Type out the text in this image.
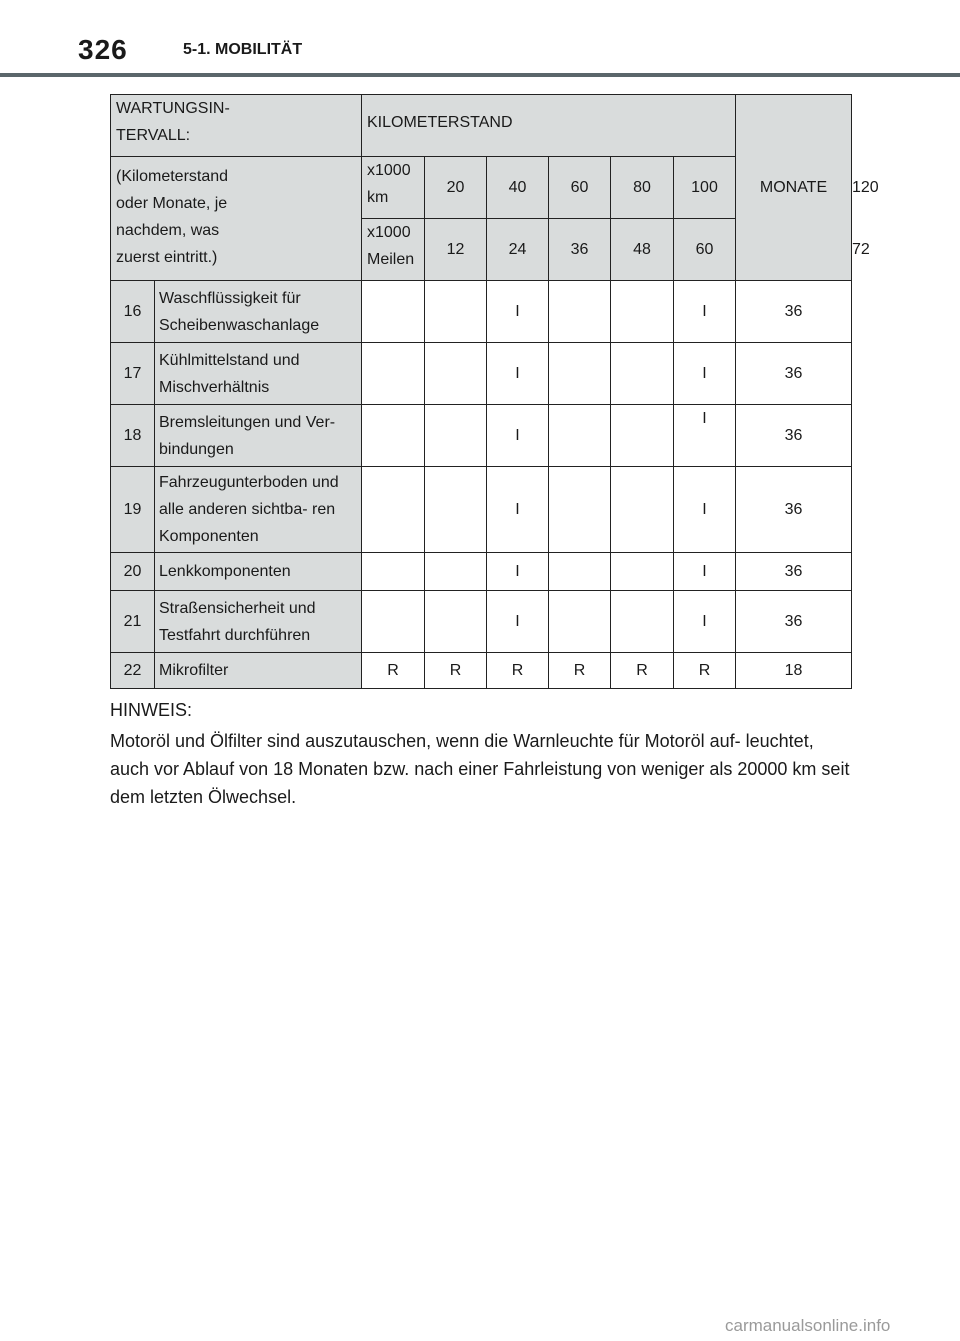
326	5-1. MOBILITÄT
WARTUNGSIN- TERVALL:		KILOMETERSTAND						MONATE	

(Kilometerstand oder Monate, je nachdem, was zuerst eintritt.)		x1000 km	20	40	60	80	100		120

		x1000 Meilen	12	24	36	48	60		72
16	Waschflüssigkeit für Scheibenwaschanlage			I			I	36	
17	Kühlmittelstand und Mischverhältnis			I			I	36	
18	Bremsleitungen und Ver- bindungen			I			I	36	
19	Fahrzeugunterboden und alle anderen sichtba- ren Komponenten			I			I	36	
20	Lenkkomponenten			I			I	36	
21	Straßensicherheit und Testfahrt durchführen			I			I	36	
22	Mikrofilter	R	R	R	R	R	R	18	
HINWEIS:
Motoröl und Ölfilter sind auszutauschen, wenn die Warnleuchte für Motoröl auf- leuchtet, auch vor Ablauf von 18 Monaten bzw. nach einer Fahrleistung von weniger als 20000 km seit dem letzten Ölwechsel.
carmanualsonline.info
